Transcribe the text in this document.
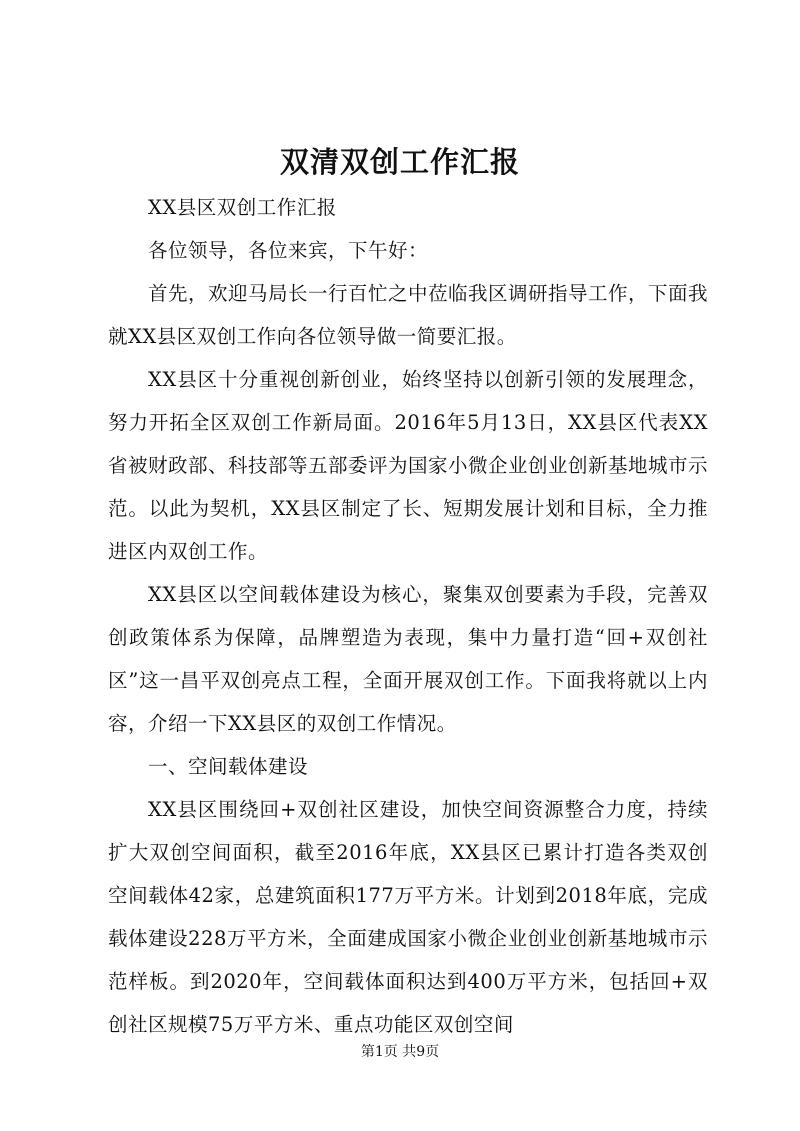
双清双创工作汇报

XX县区双创工作汇报

各位领导，各位来宾，下午好：

首先，欢迎马局长一行百忙之中莅临我区调研指导工作，下面我就XX县区双创工作向各位领导做一简要汇报。

XX县区十分重视创新创业，始终坚持以创新引领的发展理念，努力开拓全区双创工作新局面。2016年5月13日，XX县区代表XX省被财政部、科技部等五部委评为国家小微企业创业创新基地城市示范。以此为契机，XX县区制定了长、短期发展计划和目标，全力推进区内双创工作。

XX县区以空间载体建设为核心，聚集双创要素为手段，完善双创政策体系为保障，品牌塑造为表现，集中力量打造“回+双创社区”这一昌平双创亮点工程，全面开展双创工作。下面我将就以上内容，介绍一下XX县区的双创工作情况。

一、空间载体建设

XX县区围绕回+双创社区建设，加快空间资源整合力度，持续扩大双创空间面积，截至2016年底，XX县区已累计打造各类双创空间载体42家，总建筑面积177万平方米。计划到2018年底，完成载体建设228万平方米，全面建成国家小微企业创业创新基地城市示范样板。到2020年，空间载体面积达到400万平方米，包括回+双创社区规模75万平方米、重点功能区双创空间

第1页 共9页
